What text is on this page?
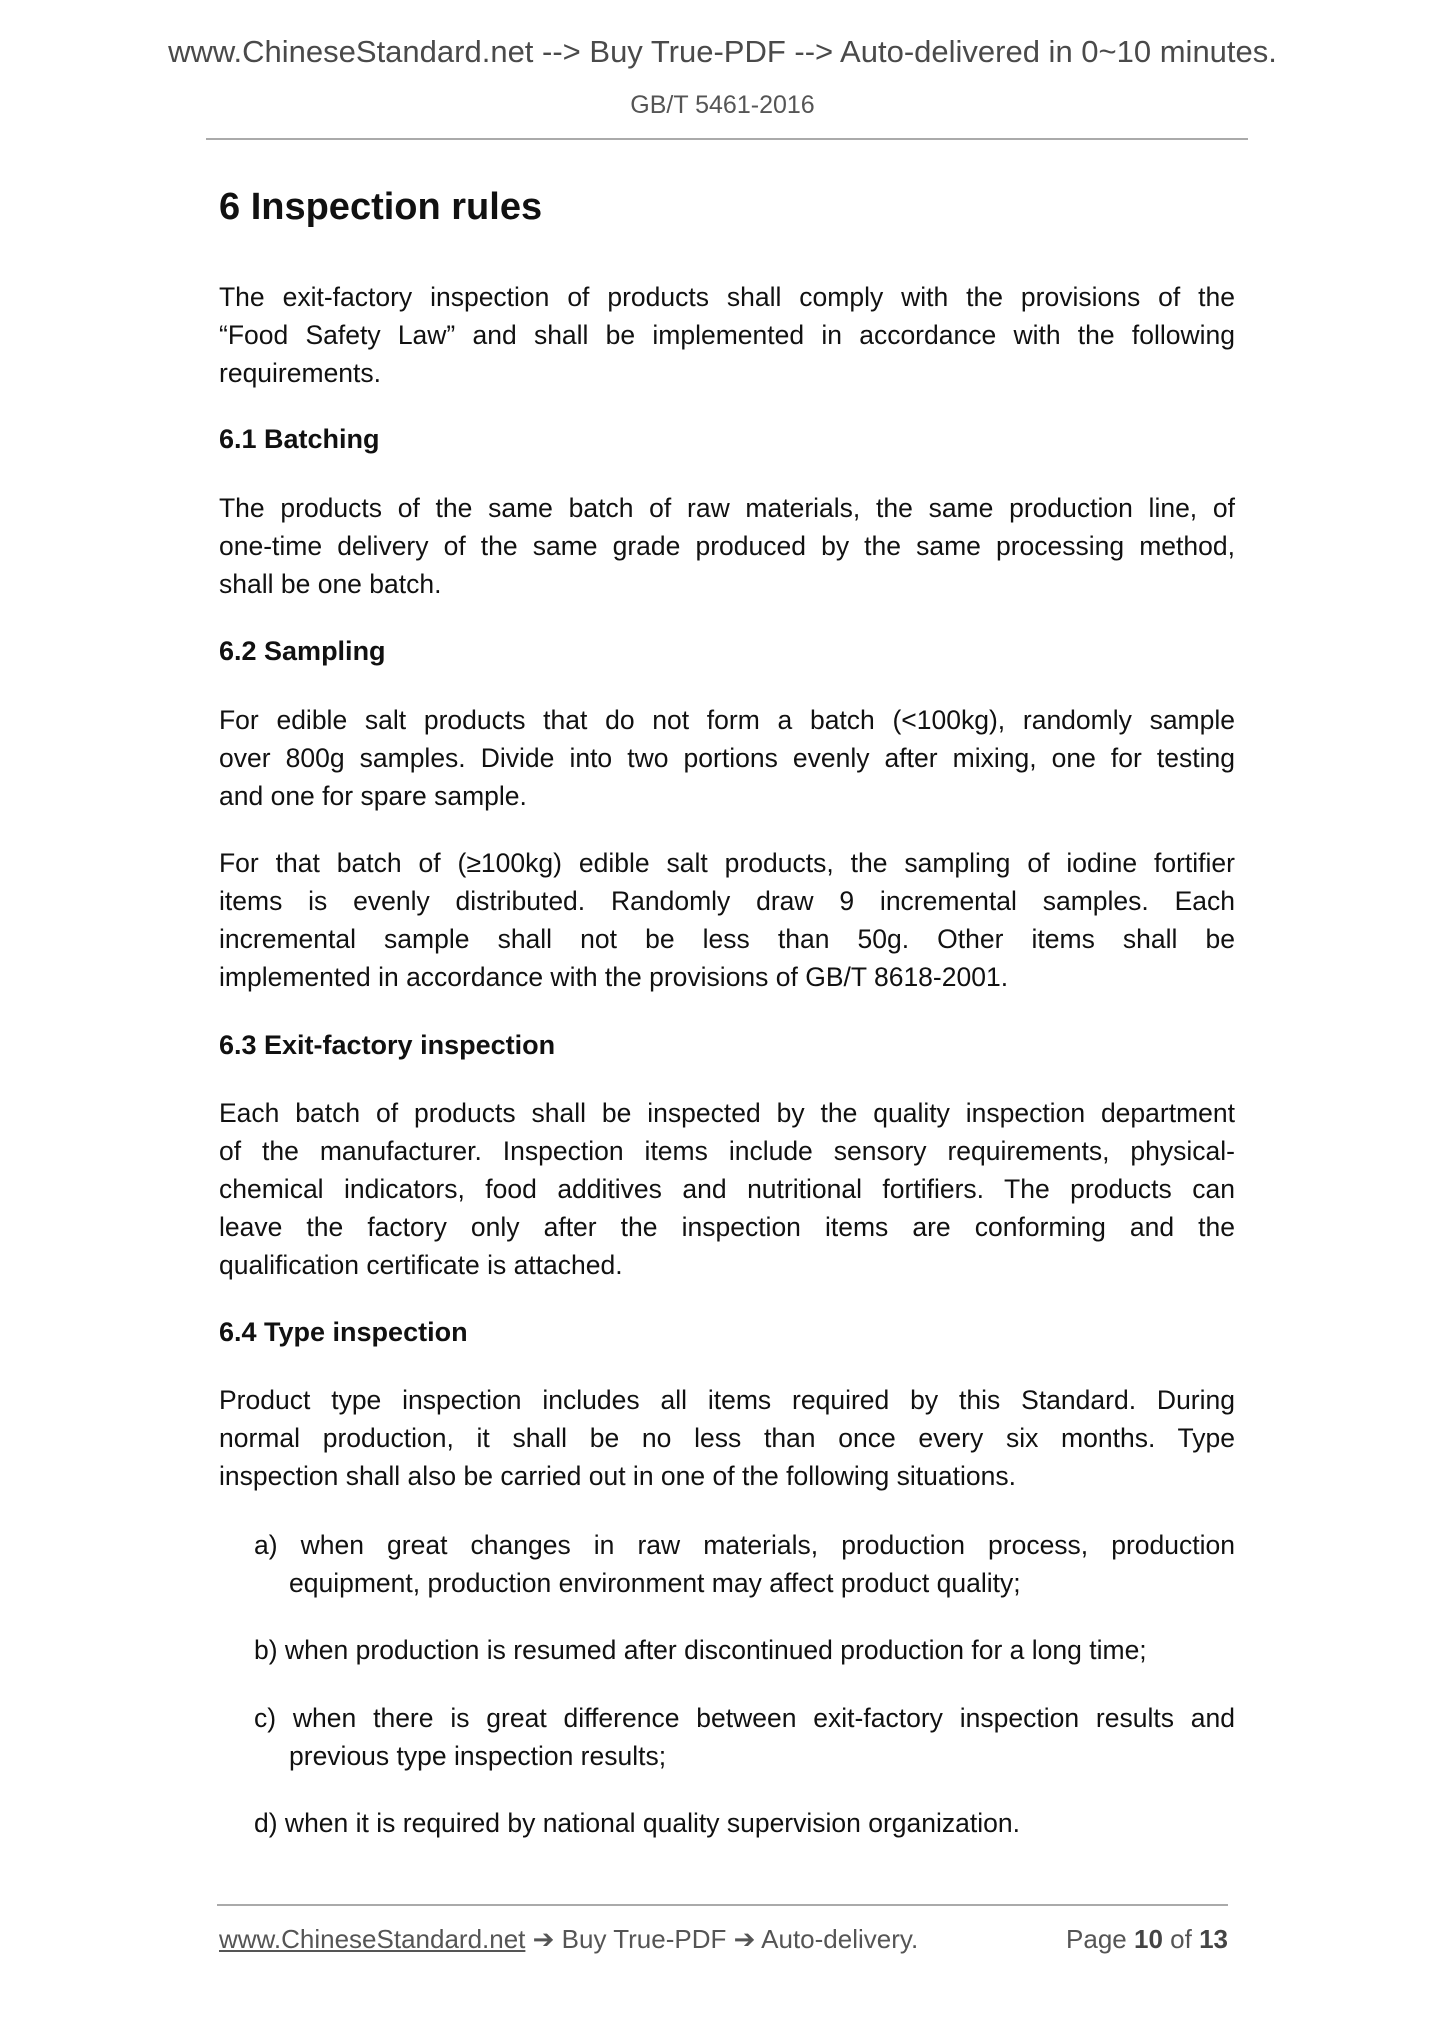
www.ChineseStandard.net --> Buy True-PDF --> Auto-delivered in 0~10 minutes.
GB/T 5461-2016
6 Inspection rules
The exit-factory inspection of products shall comply with the provisions of the
“Food Safety Law” and shall be implemented in accordance with the following
requirements.
6.1 Batching
The products of the same batch of raw materials, the same production line, of
one-time delivery of the same grade produced by the same processing method,
shall be one batch.
6.2 Sampling
For edible salt products that do not form a batch (<100kg), randomly sample
over 800g samples. Divide into two portions evenly after mixing, one for testing
and one for spare sample.
For that batch of (≥100kg) edible salt products, the sampling of iodine fortifier
items is evenly distributed. Randomly draw 9 incremental samples. Each
incremental sample shall not be less than 50g. Other items shall be
implemented in accordance with the provisions of GB/T 8618-2001.
6.3 Exit-factory inspection
Each batch of products shall be inspected by the quality inspection department
of the manufacturer. Inspection items include sensory requirements, physical-
chemical indicators, food additives and nutritional fortifiers. The products can
leave the factory only after the inspection items are conforming and the
qualification certificate is attached.
6.4 Type inspection
Product type inspection includes all items required by this Standard. During
normal production, it shall be no less than once every six months. Type
inspection shall also be carried out in one of the following situations.
a) when great changes in raw materials, production process, production
equipment, production environment may affect product quality;
b) when production is resumed after discontinued production for a long time;
c) when there is great difference between exit-factory inspection results and
previous type inspection results;
d) when it is required by national quality supervision organization.
www.ChineseStandard.net ➔ Buy True-PDF ➔ Auto-delivery.	Page 10 of 13
